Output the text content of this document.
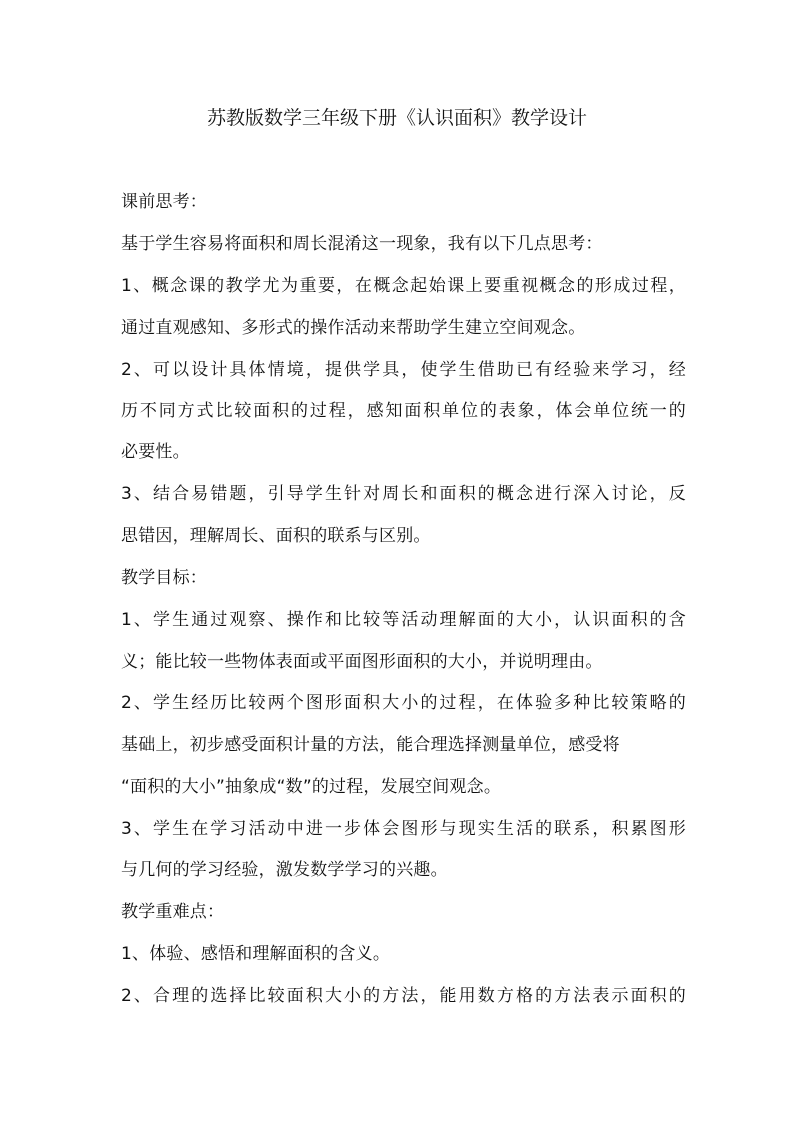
苏教版数学三年级下册《认识面积》教学设计
课前思考：
基于学生容易将面积和周长混淆这一现象，我有以下几点思考：
1、概念课的教学尤为重要，在概念起始课上要重视概念的形成过程，
通过直观感知、多形式的操作活动来帮助学生建立空间观念。
2、可以设计具体情境，提供学具，使学生借助已有经验来学习，经
历不同方式比较面积的过程，感知面积单位的表象，体会单位统一的
必要性。
3、结合易错题，引导学生针对周长和面积的概念进行深入讨论，反
思错因，理解周长、面积的联系与区别。
教学目标：
1、学生通过观察、操作和比较等活动理解面的大小，认识面积的含
义；能比较一些物体表面或平面图形面积的大小，并说明理由。
2、学生经历比较两个图形面积大小的过程，在体验多种比较策略的
基础上，初步感受面积计量的方法，能合理选择测量单位，感受将
“面积的大小”抽象成“数”的过程，发展空间观念。
3、学生在学习活动中进一步体会图形与现实生活的联系，积累图形
与几何的学习经验，激发数学学习的兴趣。
教学重难点：
1、体验、感悟和理解面积的含义。
2、合理的选择比较面积大小的方法，能用数方格的方法表示面积的
